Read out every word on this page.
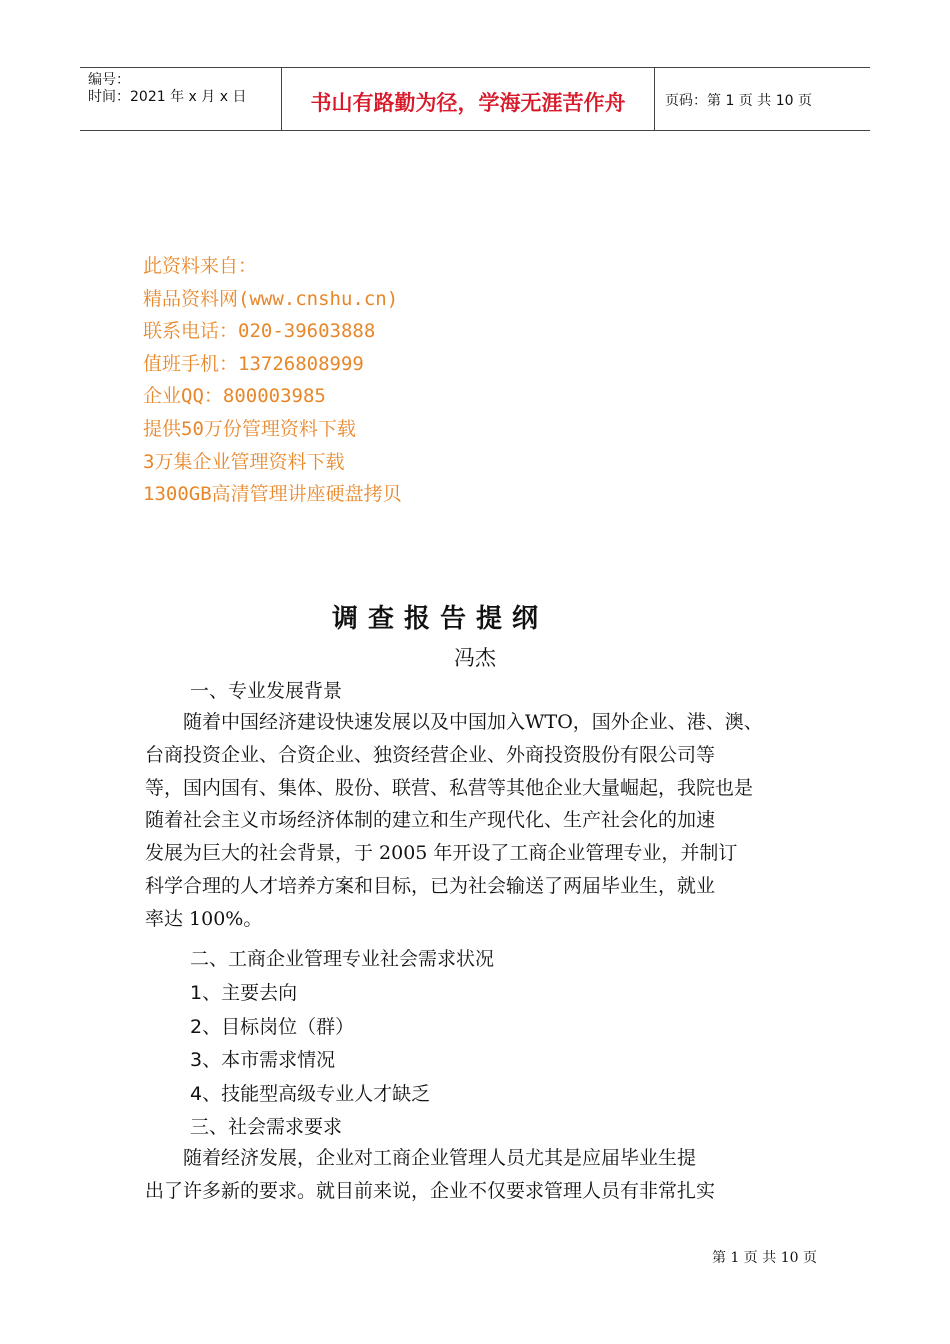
编号：
时间：2021 年 x 月 x 日	书山有路勤为径，学海无涯苦作舟	页码：第 1 页 共 10 页
此资料来自：
精品资料网(www.cnshu.cn)
联系电话：020-39603888
值班手机：13726808999
企业QQ：800003985
提供50万份管理资料下载
3万集企业管理资料下载
1300GB高清管理讲座硬盘拷贝
调查报告提纲
冯杰
一、专业发展背景
　　随着中国经济建设快速发展以及中国加入WTO，国外企业、港、澳、
台商投资企业、合资企业、独资经营企业、外商投资股份有限公司等
等，国内国有、集体、股份、联营、私营等其他企业大量崛起，我院也是
随着社会主义市场经济体制的建立和生产现代化、生产社会化的加速
发展为巨大的社会背景，于 2005 年开设了工商企业管理专业，并制订
科学合理的人才培养方案和目标，已为社会输送了两届毕业生，就业
率达 100%。
二、工商企业管理专业社会需求状况
1、主要去向
2、目标岗位（群）
3、本市需求情况
4、技能型高级专业人才缺乏
三、社会需求要求
　　随着经济发展，企业对工商企业管理人员尤其是应届毕业生提
出了许多新的要求。就目前来说，企业不仅要求管理人员有非常扎实
第 1 页 共 10 页
